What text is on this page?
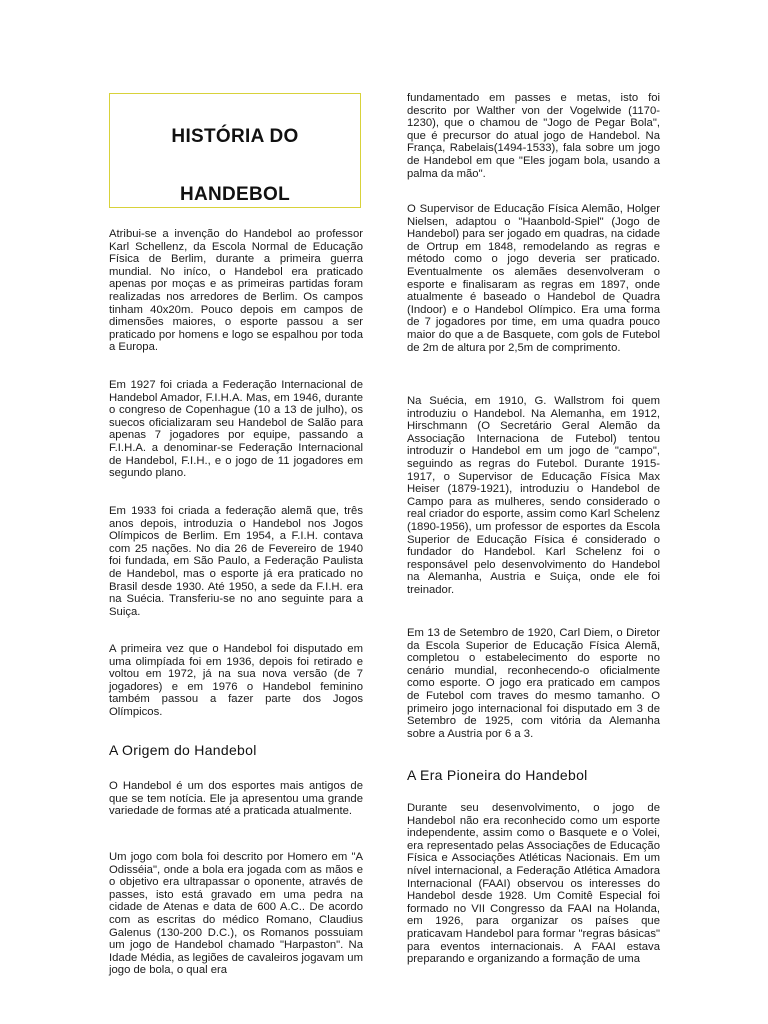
HISTÓRIA DO
HANDEBOL

Atribui-se a invenção do Handebol ao professor Karl Schellenz, da Escola Normal de Educação Física de Berlim, durante a primeira guerra mundial. No iníco, o Handebol era praticado apenas por moças e as primeiras partidas foram realizadas nos arredores de Berlim. Os campos tinham 40x20m. Pouco depois em campos de dimensões maiores, o esporte passou a ser praticado por homens e logo se espalhou por toda a Europa.

Em 1927 foi criada a Federação Internacional de Handebol Amador, F.I.H.A. Mas, em 1946, durante o congreso de Copenhague (10 a 13 de julho), os suecos oficializaram seu Handebol de Salão para apenas 7 jogadores por equipe, passando a F.I.H.A. a denominar-se Federação Internacional de Handebol, F.I.H., e o jogo de 11 jogadores em segundo plano.

Em 1933 foi criada a federação alemã que, três anos depois, introduzia o Handebol nos Jogos Olímpicos de Berlim. Em 1954, a F.I.H. contava com 25 nações. No dia 26 de Fevereiro de 1940 foi fundada, em São Paulo, a Federação Paulista de Handebol, mas o esporte já era praticado no Brasil desde 1930. Até 1950, a sede da F.I.H. era na Suécia. Transferiu-se no ano seguinte para a Suiça.

A primeira vez que o Handebol foi disputado em uma olimpíada foi em 1936, depois foi retirado e voltou em 1972, já na sua nova versão (de 7 jogadores) e em 1976 o Handebol feminino também passou a fazer parte dos Jogos Olímpicos.

A Origem do Handebol

O Handebol é um dos esportes mais antigos de que se tem notícia. Ele ja apresentou uma grande variedade de formas até a praticada atualmente.

Um jogo com bola foi descrito por Homero em "A Odisséia", onde a bola era jogada com as mãos e o objetivo era ultrapassar o oponente, através de passes, isto está gravado em uma pedra na cidade de Atenas e data de 600 A.C.. De acordo com as escritas do médico Romano, Claudius Galenus (130-200 D.C.), os Romanos possuiam um jogo de Handebol chamado "Harpaston". Na Idade Média, as legiões de cavaleiros jogavam um jogo de bola, o qual era

fundamentado em passes e metas, isto foi descrito por Walther von der Vogelwide (1170-1230), que o chamou de "Jogo de Pegar Bola", que é precursor do atual jogo de Handebol. Na França, Rabelais(1494-1533), fala sobre um jogo de Handebol em que "Eles jogam bola, usando a palma da mão".

O Supervisor de Educação Física Alemão, Holger Nielsen, adaptou o "Haanbold-Spiel" (Jogo de Handebol) para ser jogado em quadras, na cidade de Ortrup em 1848, remodelando as regras e método como o jogo deveria ser praticado. Eventualmente os alemães desenvolveram o esporte e finalisaram as regras em 1897, onde atualmente é baseado o Handebol de Quadra (Indoor) e o Handebol Olímpico. Era uma forma de 7 jogadores por time, em uma quadra pouco maior do que a de Basquete, com gols de Futebol de 2m de altura por 2,5m de comprimento.

Na Suécia, em 1910, G. Wallstrom foi quem introduziu o Handebol. Na Alemanha, em 1912, Hirschmann (O Secretário Geral Alemão da Associação Internaciona de Futebol) tentou introduzir o Handebol em um jogo de "campo", seguindo as regras do Futebol. Durante 1915-1917, o Supervisor de Educação Física Max Heiser (1879-1921), introduziu o Handebol de Campo para as mulheres, sendo considerado o real criador do esporte, assim como Karl Schelenz (1890-1956), um professor de esportes da Escola Superior de Educação Física é considerado o fundador do Handebol. Karl Schelenz foi o responsável pelo desenvolvimento do Handebol na Alemanha, Austria e Suiça, onde ele foi treinador.

Em 13 de Setembro de 1920, Carl Diem, o Diretor da Escola Superior de Educação Física Alemã, completou o estabelecimento do esporte no cenário mundial, reconhecendo-o oficialmente como esporte. O jogo era praticado em campos de Futebol com traves do mesmo tamanho. O primeiro jogo internacional foi disputado em 3 de Setembro de 1925, com vitória da Alemanha sobre a Austria por 6 a 3.

A Era Pioneira do Handebol

Durante seu desenvolvimento, o jogo de Handebol não era reconhecido como um esporte independente, assim como o Basquete e o Volei, era representado pelas Associações de Educação Física e Associações Atléticas Nacionais. Em um nível internacional, a Federação Atlética Amadora Internacional (FAAI) observou os interesses do Handebol desde 1928. Um Comitê Especial foi formado no VII Congresso da FAAI na Holanda, em 1926, para organizar os países que praticavam Handebol para formar "regras básicas" para eventos internacionais. A FAAI estava preparando e organizando a formação de uma
